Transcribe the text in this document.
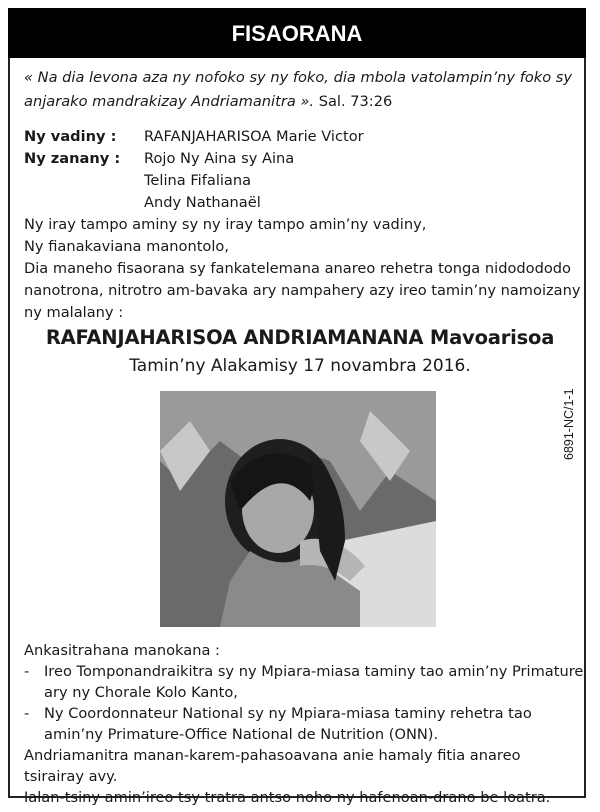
FISAORANA
« Na dia levona aza ny nofoko sy ny foko, dia mbola vatolampin’ny foko sy anjarako mandrakizay Andriamanitra ». Sal. 73:26
Ny vadiny :	RAFANJAHARISOA Marie Victor
Ny zanany :	Rojo Ny Aina sy Aina
Telina Fifaliana
Andy Nathanaël
Ny iray tampo aminy sy ny iray tampo amin’ny vadiny,
Ny fianakaviana manontolo,
Dia maneho fisaorana sy fankatelemana anareo rehetra tonga nidodododo nanotrona, nitrotro am-bavaka ary nampahery azy ireo tamin’ny namoizany ny malalany :
RAFANJAHARISOA ANDRIAMANANA Mavoarisoa
Tamin’ny Alakamisy 17 novambra 2016.
6891-NC/1-1
Ankasitrahana manokana :
-	Ireo Tomponandraikitra sy ny Mpiara-miasa taminy tao amin’ny Primature ary ny Chorale Kolo Kanto,
-	Ny Coordonnateur National sy ny Mpiara-miasa taminy rehetra tao amin’ny Primature-Office National de Nutrition (ONN).
Andriamanitra manan-karem-pahasoavana anie hamaly fitia anareo tsirairay avy.
Ialan-tsiny amin’ireo tsy tratra antso noho ny hafenoan-drano be loatra.
